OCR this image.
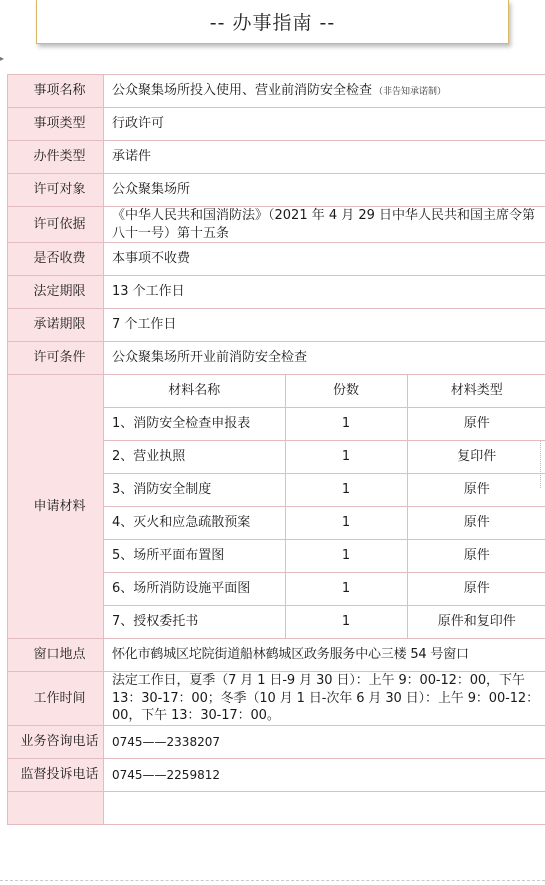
-- 办事指南 --
▸
事项名称	公众聚集场所投入使用、营业前消防安全检查 （非告知承诺制）
事项类型	行政许可
办件类型	承诺件
许可对象	公众聚集场所
许可依据	《中华人民共和国消防法》（2021 年 4 月 29 日中华人民共和国主席令第八十一号）第十五条
是否收费	本事项不收费
法定期限	13 个工作日
承诺期限	7 个工作日
许可条件	公众聚集场所开业前消防安全检查
申请材料	
材料名称	份数	材料类型
1、消防安全检查申报表	1	原件
2、营业执照	1	复印件
3、消防安全制度	1	原件
4、灭火和应急疏散预案	1	原件
5、场所平面布置图	1	原件
6、场所消防设施平面图	1	原件
7、授权委托书	1	原件和复印件

窗口地点	怀化市鹤城区坨院街道船林鹤城区政务服务中心三楼 54 号窗口
工作时间	法定工作日，夏季（7 月 1 日-9 月 30 日）：上午 9：00-12：00，下午 13：30-17：00；冬季（10 月 1 日-次年 6 月 30 日）：上午 9：00-12：00，下午 13：30-17：00。
业务咨询电话	0745——2338207
监督投诉电话	0745——2259812
